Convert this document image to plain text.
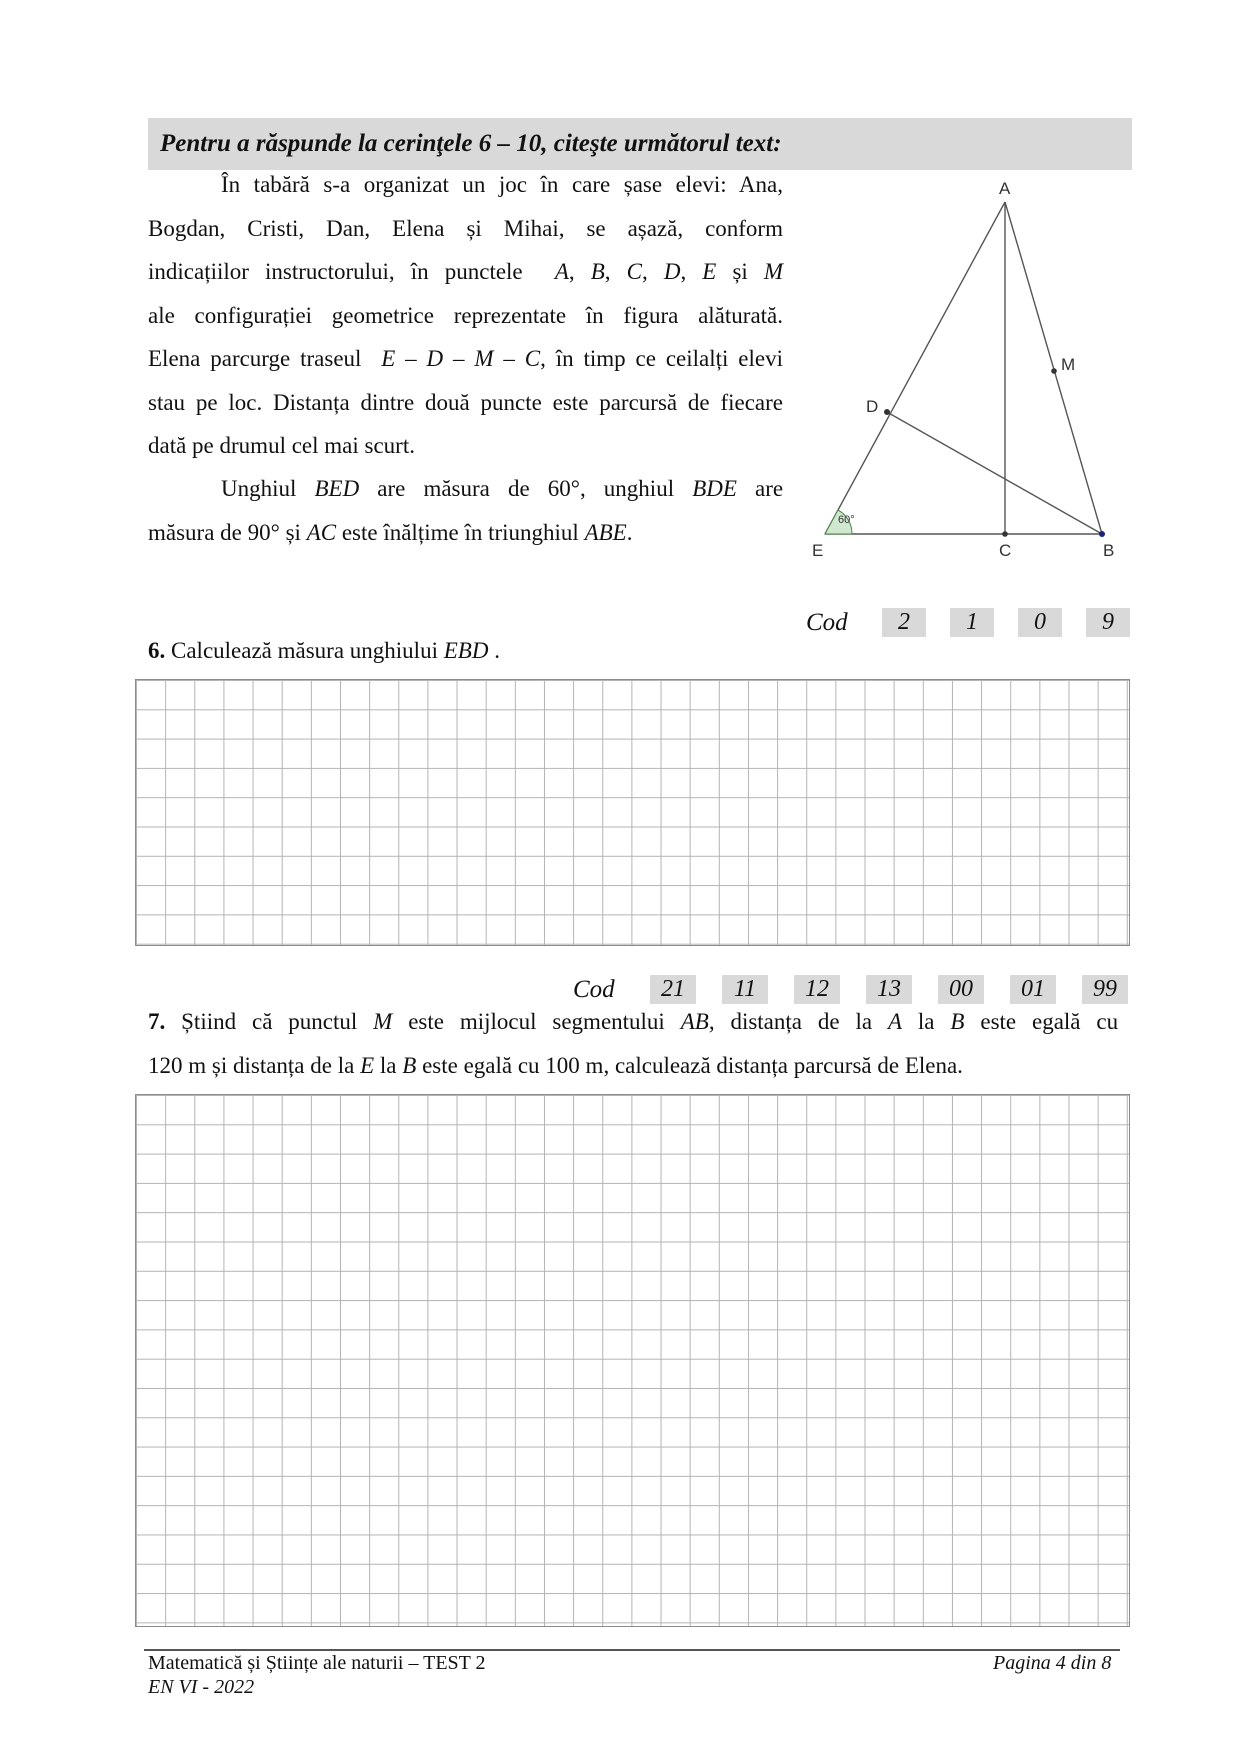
Pentru a răspunde la cerinţele 6 – 10, citeşte următorul text:

În tabără s-a organizat un joc în care șase elevi: Ana,

Bogdan, Cristi, Dan, Elena și Mihai, se așază, conform

indicațiilor instructorului, în punctele A, B, C, D, E și M

ale configurației geometrice reprezentate în figura alăturată.

Elena parcurge traseul E – D – M – C, în timp ce ceilalți elevi

stau pe loc. Distanța dintre două puncte este parcursă de fiecare

dată pe drumul cel mai scurt.

Unghiul BED are măsura de 60°, unghiul BDE are

măsura de 90° și AC este înălțime în triunghiul ABE.

A
D
M
E	C	B
60°
Cod	2	1	0	9
6. Calculează măsura unghiului EBD .
Cod	21	11	12	13	00	01	99

7. Știind că punctul M este mijlocul segmentului AB, distanța de la A la B este egală cu

120 m și distanța de la E la B este egală cu 100 m, calculează distanța parcursă de Elena.

Matematică și Științe ale naturii – TEST 2
EN VI - 2022
Pagina 4 din 8
